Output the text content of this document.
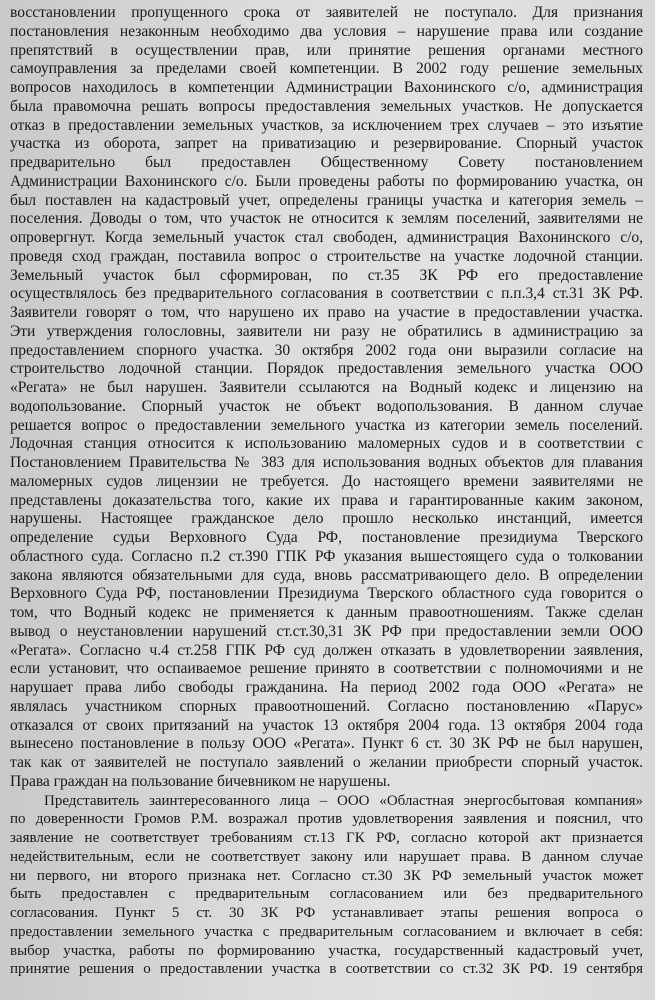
восстановлении пропущенного срока от заявителей не поступало. Для признания
постановления незаконным необходимо два условия – нарушение права или создание
препятствий в осуществлении прав, или принятие решения органами местного
самоуправления за пределами своей компетенции. В 2002 году решение земельных
вопросов находилось в компетенции Администрации Вахонинского с/о, администрация
была правомочна решать вопросы предоставления земельных участков. Не допускается
отказ в предоставлении земельных участков, за исключением трех случаев – это изъятие
участка из оборота, запрет на приватизацию и резервирование. Спорный участок
предварительно был предоставлен Общественному Совету постановлением
Администрации Вахонинского с/о. Были проведены работы по формированию участка, он
был поставлен на кадастровый учет, определены границы участка и категория земель –
поселения. Доводы о том, что участок не относится к землям поселений, заявителями не
опровергнут. Когда земельный участок стал свободен, администрация Вахонинского с/о,
проведя сход граждан, поставила вопрос о строительстве на участке лодочной станции.
Земельный участок был сформирован, по ст.35 ЗК РФ его предоставление
осуществлялось без предварительного согласования в соответствии с п.п.3,4 ст.31 ЗК РФ.
Заявители говорят о том, что нарушено их право на участие в предоставлении участка.
Эти утверждения голословны, заявители ни разу не обратились в администрацию за
предоставлением спорного участка. 30 октября 2002 года они выразили согласие на
строительство лодочной станции. Порядок предоставления земельного участка ООО
«Регата» не был нарушен. Заявители ссылаются на Водный кодекс и лицензию на
водопользование. Спорный участок не объект водопользования. В данном случае
решается вопрос о предоставлении земельного участка из категории земель поселений.
Лодочная станция относится к использованию маломерных судов и в соответствии с
Постановлением Правительства № 383 для использования водных объектов для плавания
маломерных судов лицензии не требуется. До настоящего времени заявителями не
представлены доказательства того, какие их права и гарантированные каким законом,
нарушены. Настоящее гражданское дело прошло несколько инстанций, имеется
определение судьи Верховного Суда РФ, постановление президиума Тверского
областного суда. Согласно п.2 ст.390 ГПК РФ указания вышестоящего суда о толковании
закона являются обязательными для суда, вновь рассматривающего дело. В определении
Верховного Суда РФ, постановлении Президиума Тверского областного суда говорится о
том, что Водный кодекс не применяется к данным правоотношениям. Также сделан
вывод о неустановлении нарушений ст.ст.30,31 ЗК РФ при предоставлении земли ООО
«Регата». Согласно ч.4 ст.258 ГПК РФ суд должен отказать в удовлетворении заявления,
если установит, что оспаиваемое решение принято в соответствии с полномочиями и не
нарушает права либо свободы гражданина. На период 2002 года ООО «Регата» не
являлась участником спорных правоотношений. Согласно постановлению «Парус»
отказался от своих притязаний на участок 13 октября 2004 года. 13 октября 2004 года
вынесено постановление в пользу ООО «Регата». Пункт 6 ст. 30 ЗК РФ не был нарушен,
так как от заявителей не поступало заявлений о желании приобрести спорный участок.
Права граждан на пользование бичевником не нарушены.
Представитель заинтересованного лица – ООО «Областная энергосбытовая компания»
по доверенности Громов Р.М. возражал против удовлетворения заявления и пояснил, что
заявление не соответствует требованиям ст.13 ГК РФ, согласно которой акт признается
недействительным, если не соответствует закону или нарушает права. В данном случае
ни первого, ни второго признака нет. Согласно ст.30 ЗК РФ земельный участок может
быть предоставлен с предварительным согласованием или без предварительного
согласования. Пункт 5 ст. 30 ЗК РФ устанавливает этапы решения вопроса о
предоставлении земельного участка с предварительным согласованием и включает в себя:
выбор участка, работы по формированию участка, государственный кадастровый учет,
принятие решения о предоставлении участка в соответствии со ст.32 ЗК РФ. 19 сентября
